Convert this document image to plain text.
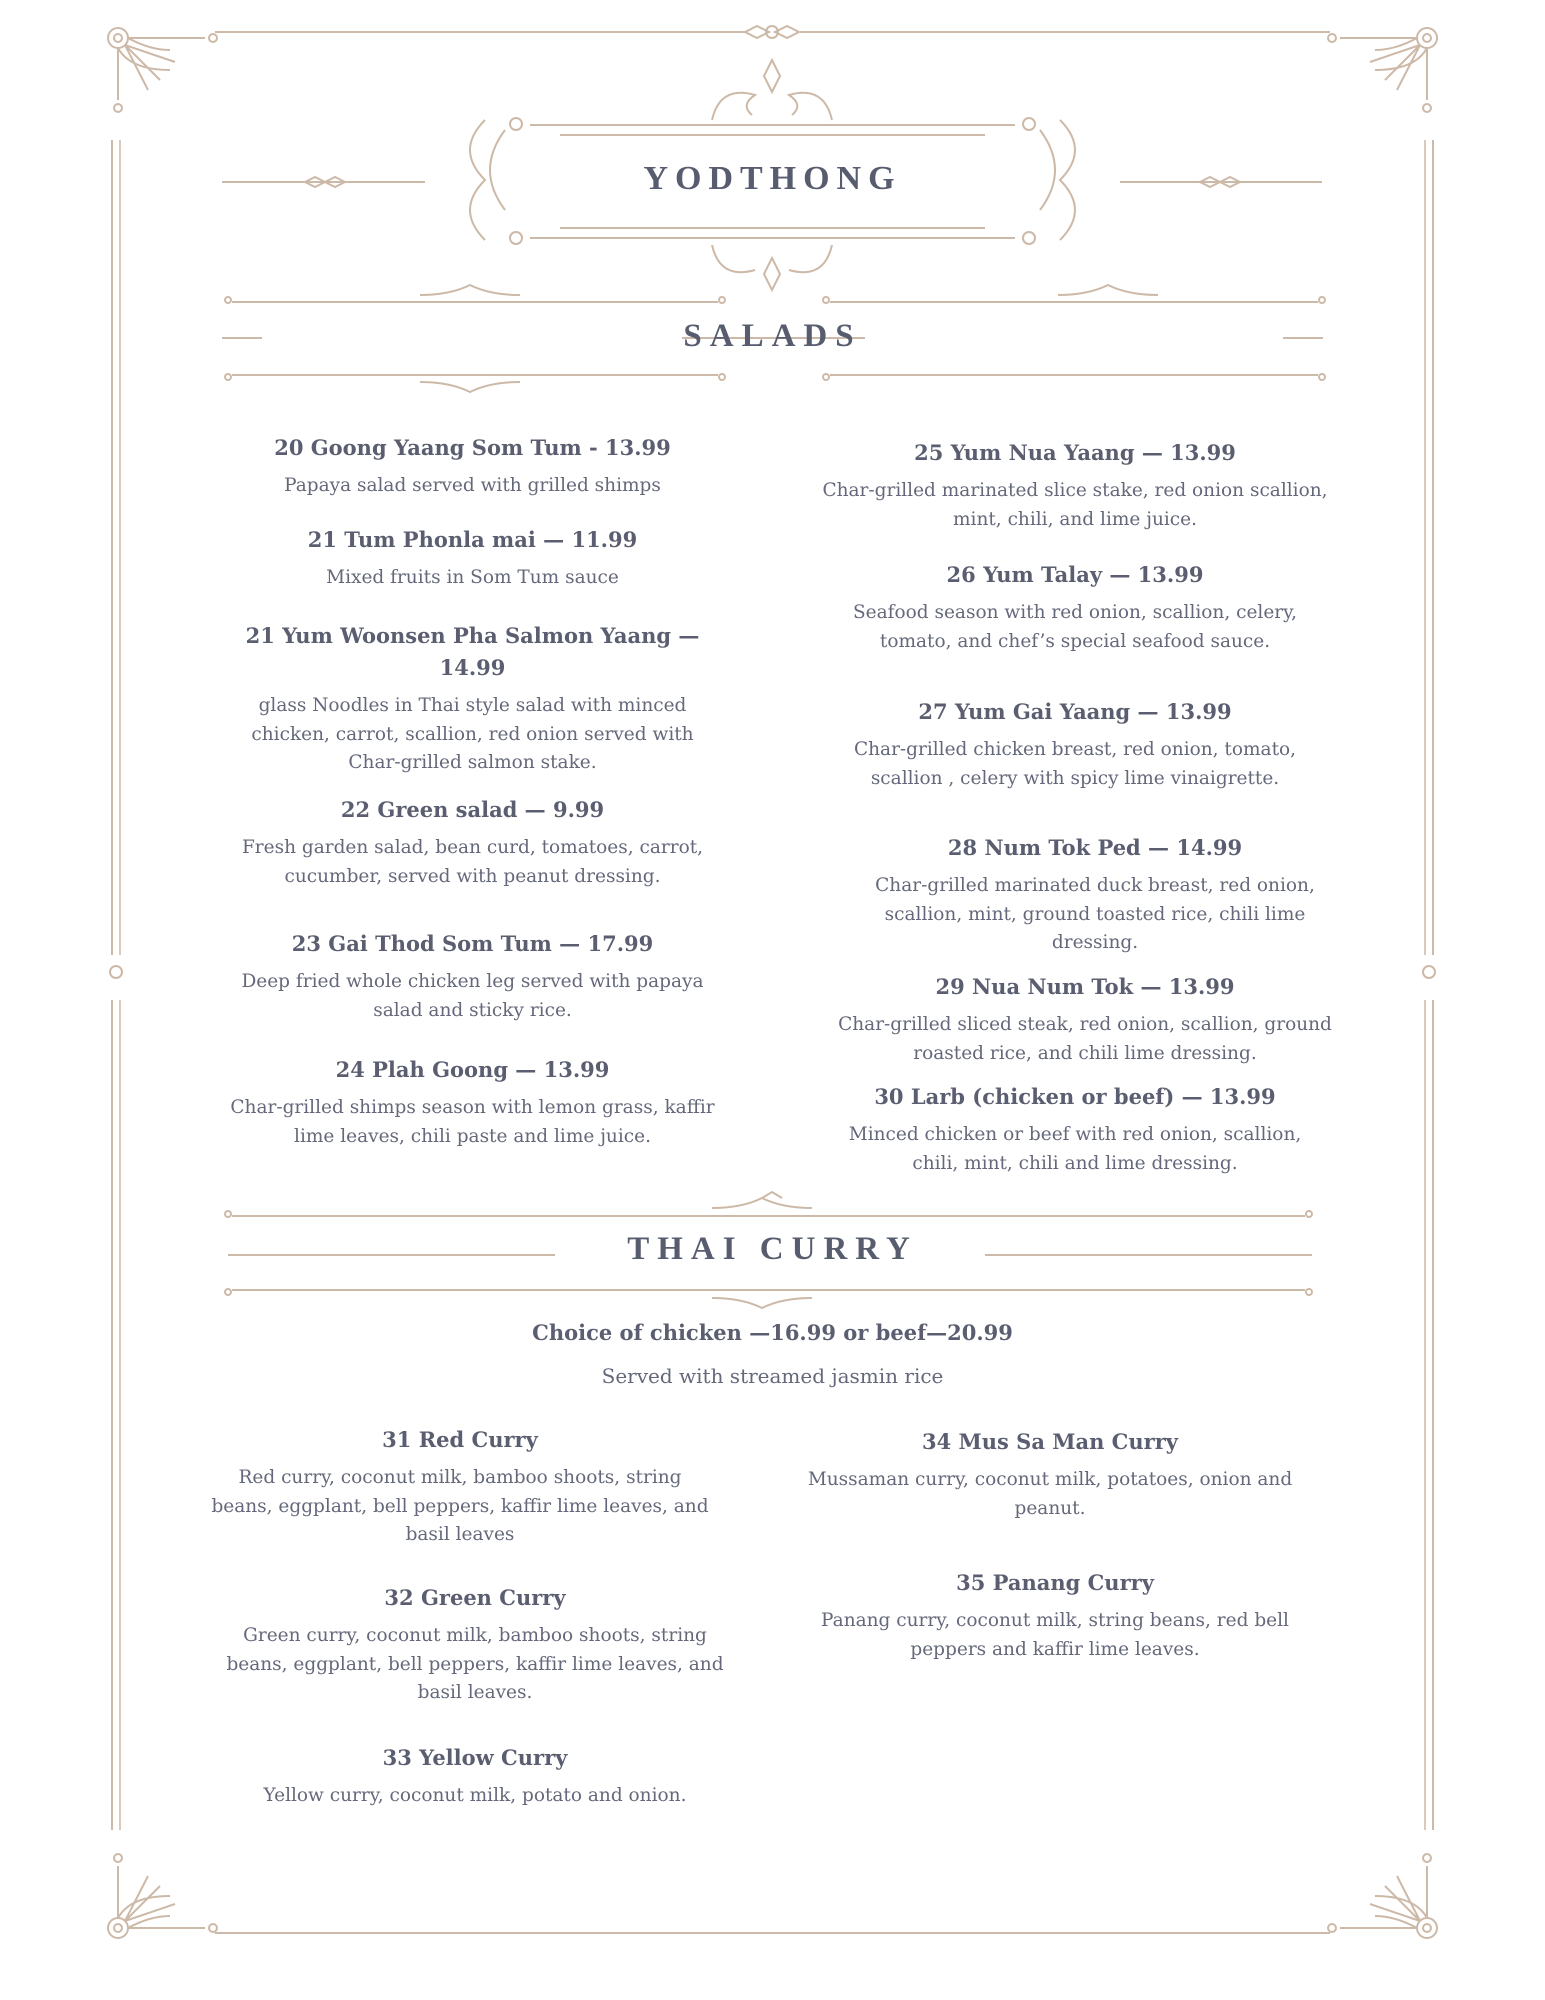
YODTHONG
SALADS
20 Goong Yaang Som Tum - 13.99
Papaya salad served with grilled shimps
21 Tum Phonla mai — 11.99
Mixed fruits in Som Tum sauce
21 Yum Woonsen Pha Salmon Yaang — 14.99
glass Noodles in Thai style salad with minced chicken, carrot, scallion, red onion served with Char-grilled salmon stake.
22 Green salad — 9.99
Fresh garden salad, bean curd, tomatoes, carrot, cucumber, served with peanut dressing.
23 Gai Thod Som Tum — 17.99
Deep fried whole chicken leg served with papaya salad and sticky rice.
24 Plah Goong — 13.99
Char-grilled shimps season with lemon grass, kaffir lime leaves, chili paste and lime juice.
25 Yum Nua Yaang — 13.99
Char-grilled marinated slice stake, red onion scallion, mint, chili, and lime juice.
26 Yum Talay — 13.99
Seafood season with red onion, scallion, celery, tomato, and chef’s special seafood sauce.
27 Yum Gai Yaang — 13.99
Char-grilled chicken breast, red onion, tomato, scallion , celery with spicy lime vinaigrette.
28 Num Tok Ped — 14.99
Char-grilled marinated duck breast, red onion, scallion, mint, ground toasted rice, chili lime dressing.
29 Nua Num Tok — 13.99
Char-grilled sliced steak, red onion, scallion, ground roasted rice, and chili lime dressing.
30 Larb (chicken or beef) — 13.99
Minced chicken or beef with red onion, scallion, chili, mint, chili and lime dressing.
THAI CURRY
Choice of chicken —16.99 or beef—20.99
Served with streamed jasmin rice
31 Red Curry
Red curry, coconut milk, bamboo shoots, string beans, eggplant, bell peppers, kaffir lime leaves, and basil leaves
32 Green Curry
Green curry, coconut milk, bamboo shoots, string beans, eggplant, bell peppers, kaffir lime leaves, and basil leaves.
33 Yellow Curry
Yellow curry, coconut milk, potato and onion.
34 Mus Sa Man Curry
Mussaman curry, coconut milk, potatoes, onion and peanut.
35 Panang Curry
Panang curry, coconut milk, string beans, red bell peppers and kaffir lime leaves.
